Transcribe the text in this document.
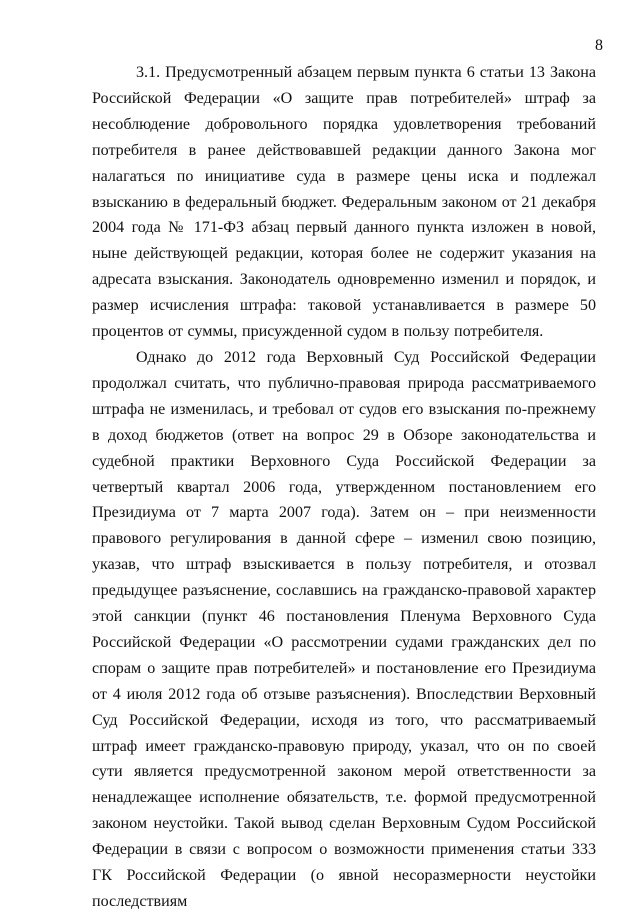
8

3.1. Предусмотренный абзацем первым пункта 6 статьи 13 Закона Российской Федерации «О защите прав потребителей» штраф за несоблюдение добровольного порядка удовлетворения требований потребителя в ранее действовавшей редакции данного Закона мог налагаться по инициативе суда в размере цены иска и подлежал взысканию в федеральный бюджет. Федеральным законом от 21 декабря 2004 года № 171-ФЗ абзац первый данного пункта изложен в новой, ныне действующей редакции, которая более не содержит указания на адресата взыскания. Законодатель одновременно изменил и порядок, и размер исчисления штрафа: таковой устанавливается в размере 50 процентов от суммы, присужденной судом в пользу потребителя.

Однако до 2012 года Верховный Суд Российской Федерации продолжал считать, что публично-правовая природа рассматриваемого штрафа не изменилась, и требовал от судов его взыскания по-прежнему в доход бюджетов (ответ на вопрос 29 в Обзоре законодательства и судебной практики Верховного Суда Российской Федерации за четвертый квартал 2006 года, утвержденном постановлением его Президиума от 7 марта 2007 года). Затем он – при неизменности правового регулирования в данной сфере – изменил свою позицию, указав, что штраф взыскивается в пользу потребителя, и отозвал предыдущее разъяснение, сославшись на гражданско-правовой характер этой санкции (пункт 46 постановления Пленума Верховного Суда Российской Федерации «О рассмотрении судами гражданских дел по спорам о защите прав потребителей» и постановление его Президиума от 4 июля 2012 года об отзыве разъяснения). Впоследствии Верховный Суд Российской Федерации, исходя из того, что рассматриваемый штраф имеет гражданско-правовую природу, указал, что он по своей сути является предусмотренной законом мерой ответственности за ненадлежащее исполнение обязательств, т.е. формой предусмотренной законом неустойки. Такой вывод сделан Верховным Судом Российской Федерации в связи с вопросом о возможности применения статьи 333 ГК Российской Федерации (о явной несоразмерности неустойки последствиям
